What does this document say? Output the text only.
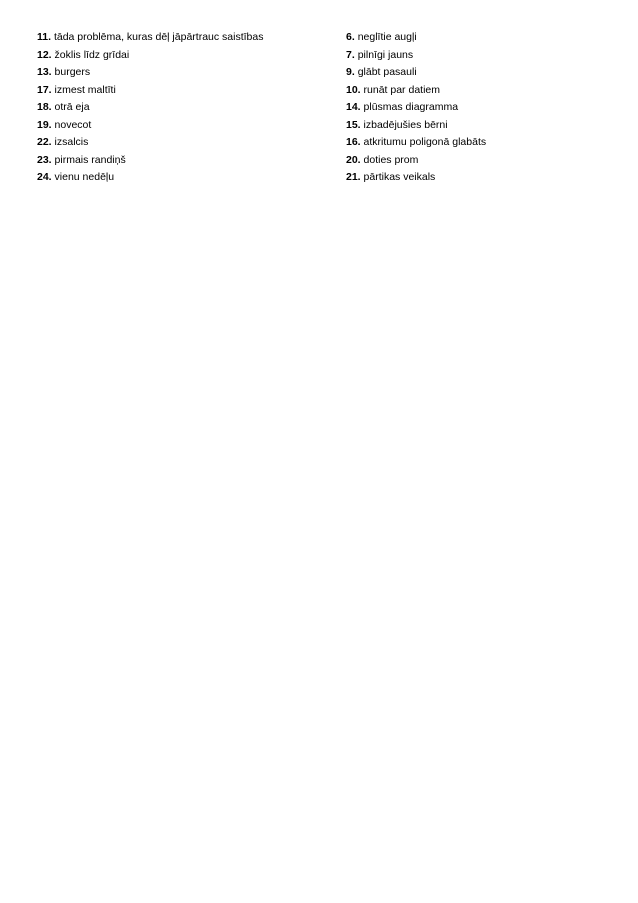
11. tāda problēma, kuras dēļ jāpārtrauc saistības
12. žoklis līdz grīdai
13. burgers
17. izmest maltīti
18. otrā eja
19. novecot
22. izsalcis
23. pirmais randiņš
24. vienu nedēļu
6. neglītie augļi
7. pilnīgi jauns
9. glābt pasauli
10. runāt par datiem
14. plūsmas diagramma
15. izbadējušies bērni
16. atkritumu poligonā glabāts
20. doties prom
21. pārtikas veikals
